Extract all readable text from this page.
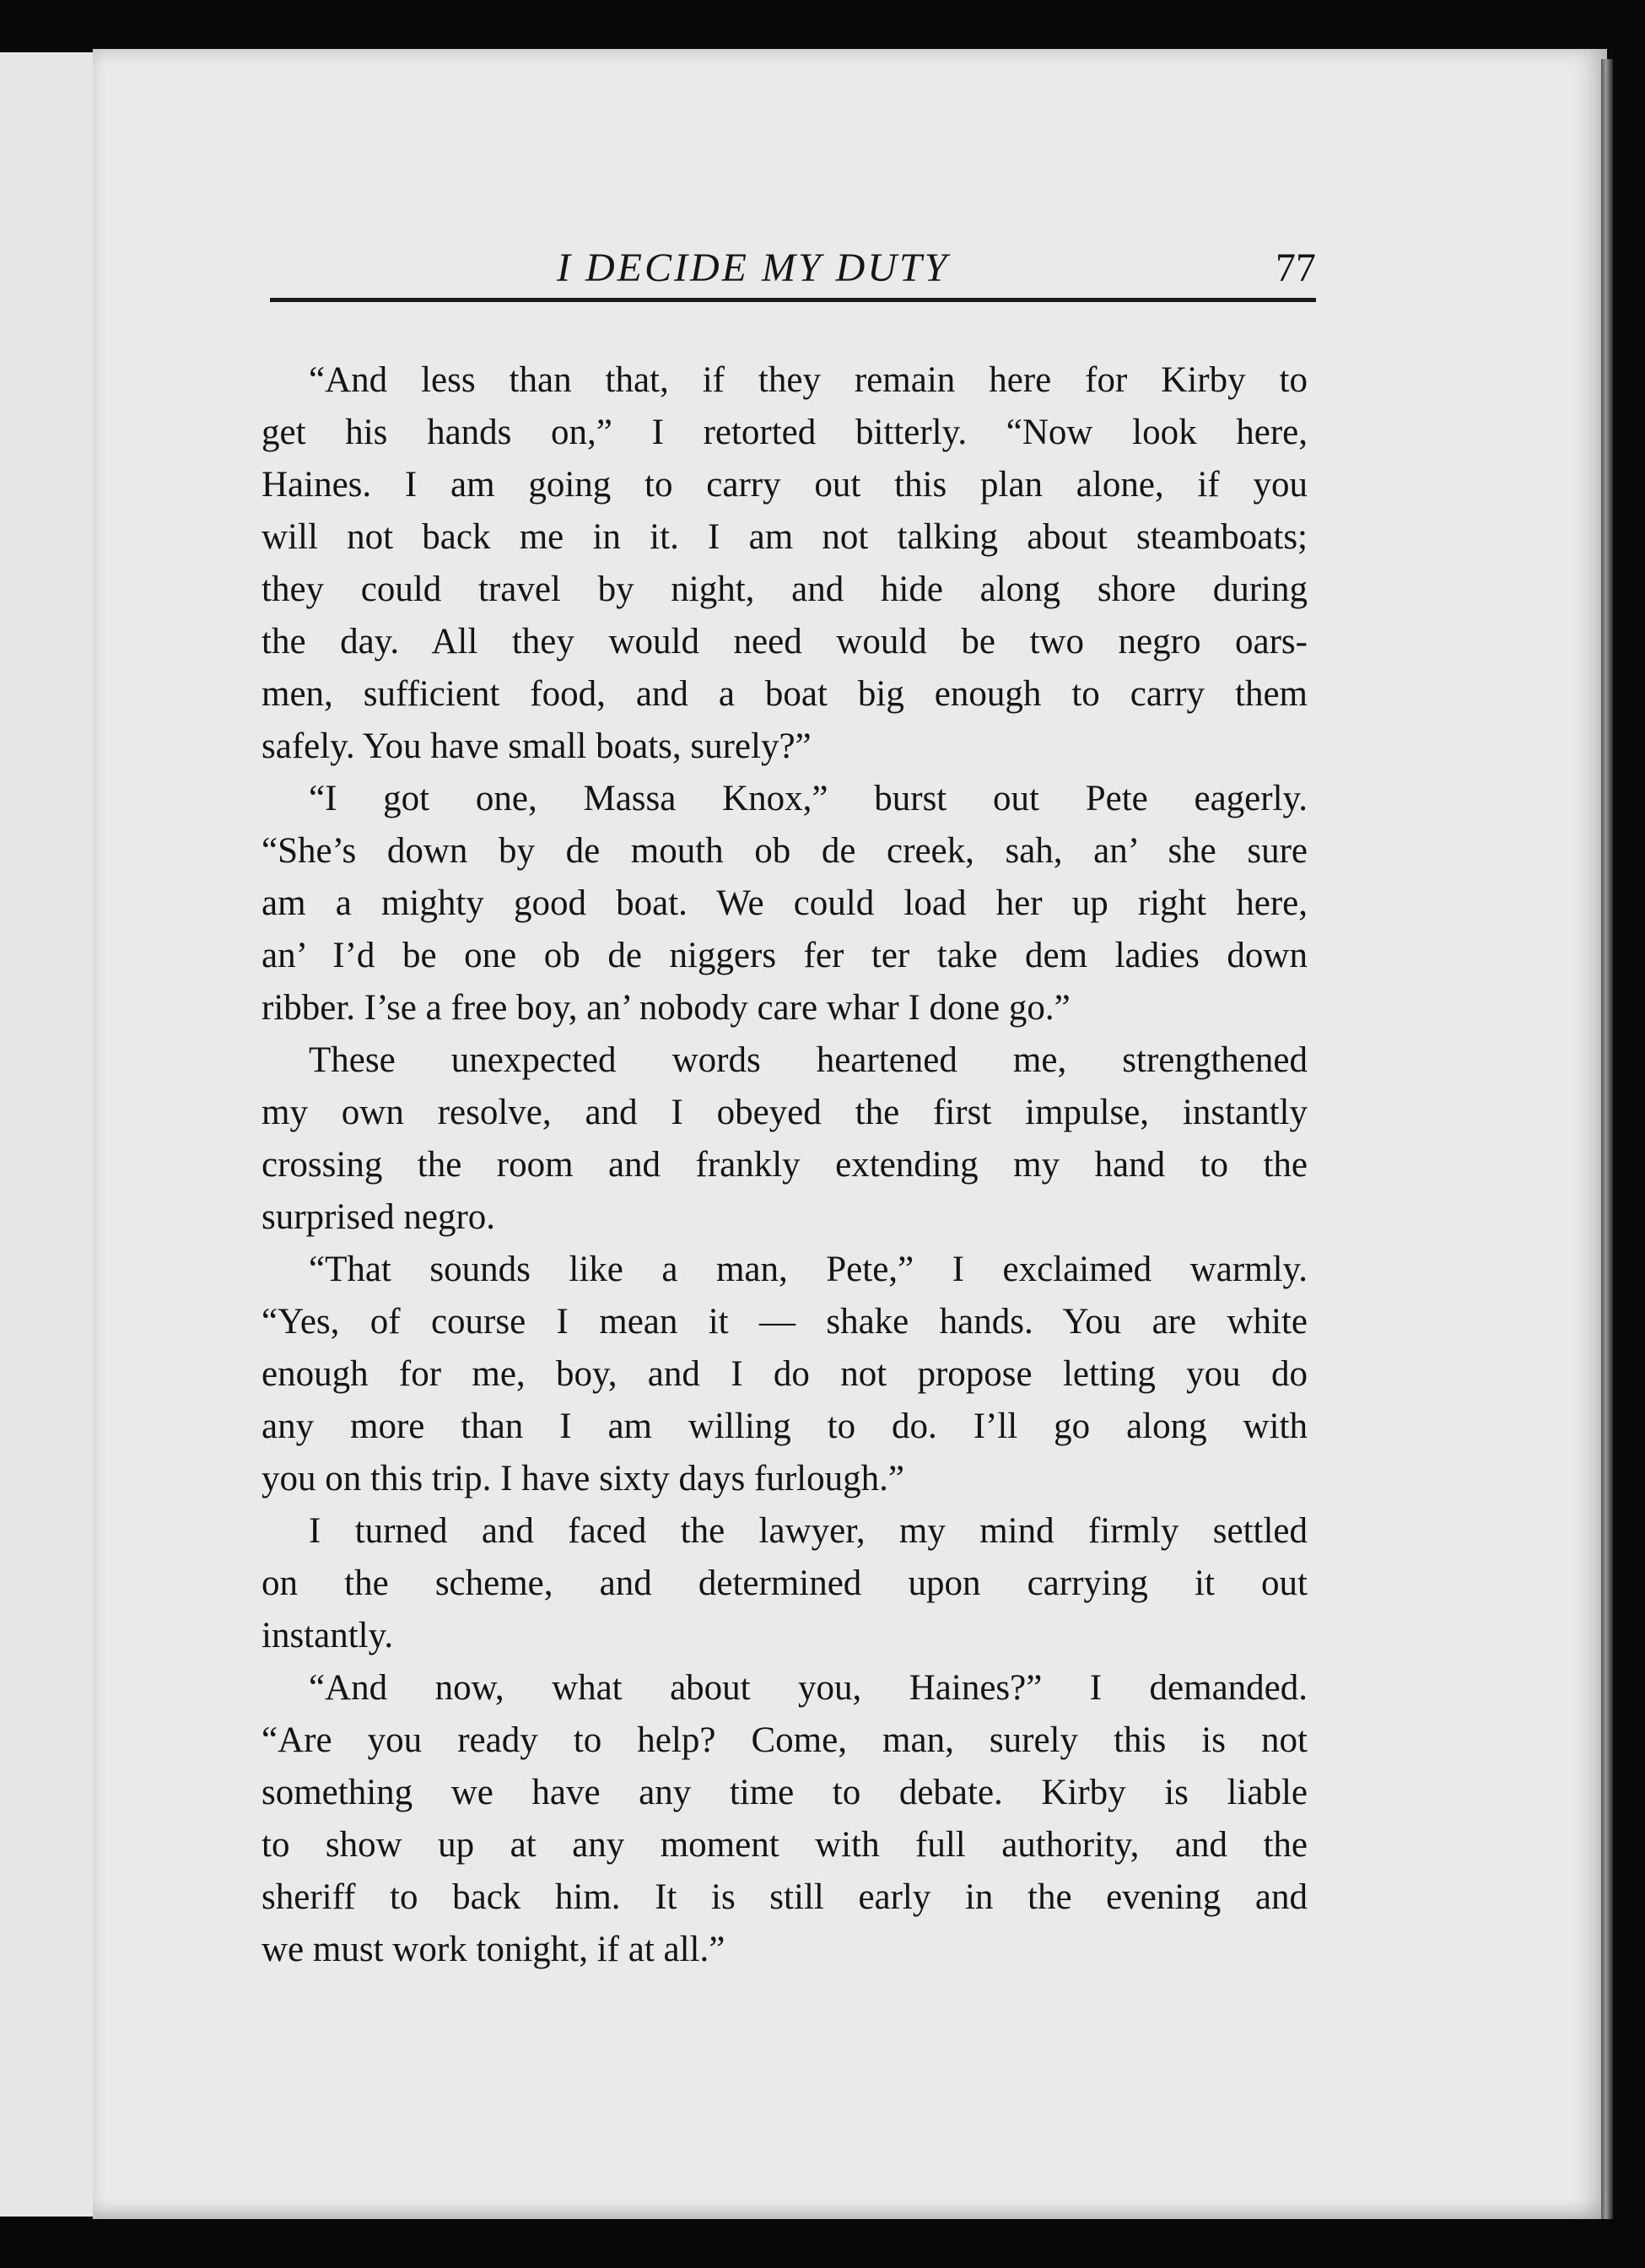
I DECIDE MY DUTY	77
“And less than that, if they remain here for Kirby to
get his hands on,” I retorted bitterly. “Now look here,
Haines. I am going to carry out this plan alone, if you
will not back me in it. I am not talking about steamboats;
they could travel by night, and hide along shore during
the day. All they would need would be two negro oars-
men, sufficient food, and a boat big enough to carry them
safely. You have small boats, surely?”
“I got one, Massa Knox,” burst out Pete eagerly.
“She’s down by de mouth ob de creek, sah, an’ she sure
am a mighty good boat. We could load her up right here,
an’ I’d be one ob de niggers fer ter take dem ladies down
ribber. I’se a free boy, an’ nobody care whar I done go.”
These unexpected words heartened me, strengthened
my own resolve, and I obeyed the first impulse, instantly
crossing the room and frankly extending my hand to the
surprised negro.
“That sounds like a man, Pete,” I exclaimed warmly.
“Yes, of course I mean it — shake hands. You are white
enough for me, boy, and I do not propose letting you do
any more than I am willing to do. I’ll go along with
you on this trip. I have sixty days furlough.”
I turned and faced the lawyer, my mind firmly settled
on the scheme, and determined upon carrying it out
instantly.
“And now, what about you, Haines?” I demanded.
“Are you ready to help? Come, man, surely this is not
something we have any time to debate. Kirby is liable
to show up at any moment with full authority, and the
sheriff to back him. It is still early in the evening and
we must work tonight, if at all.”
